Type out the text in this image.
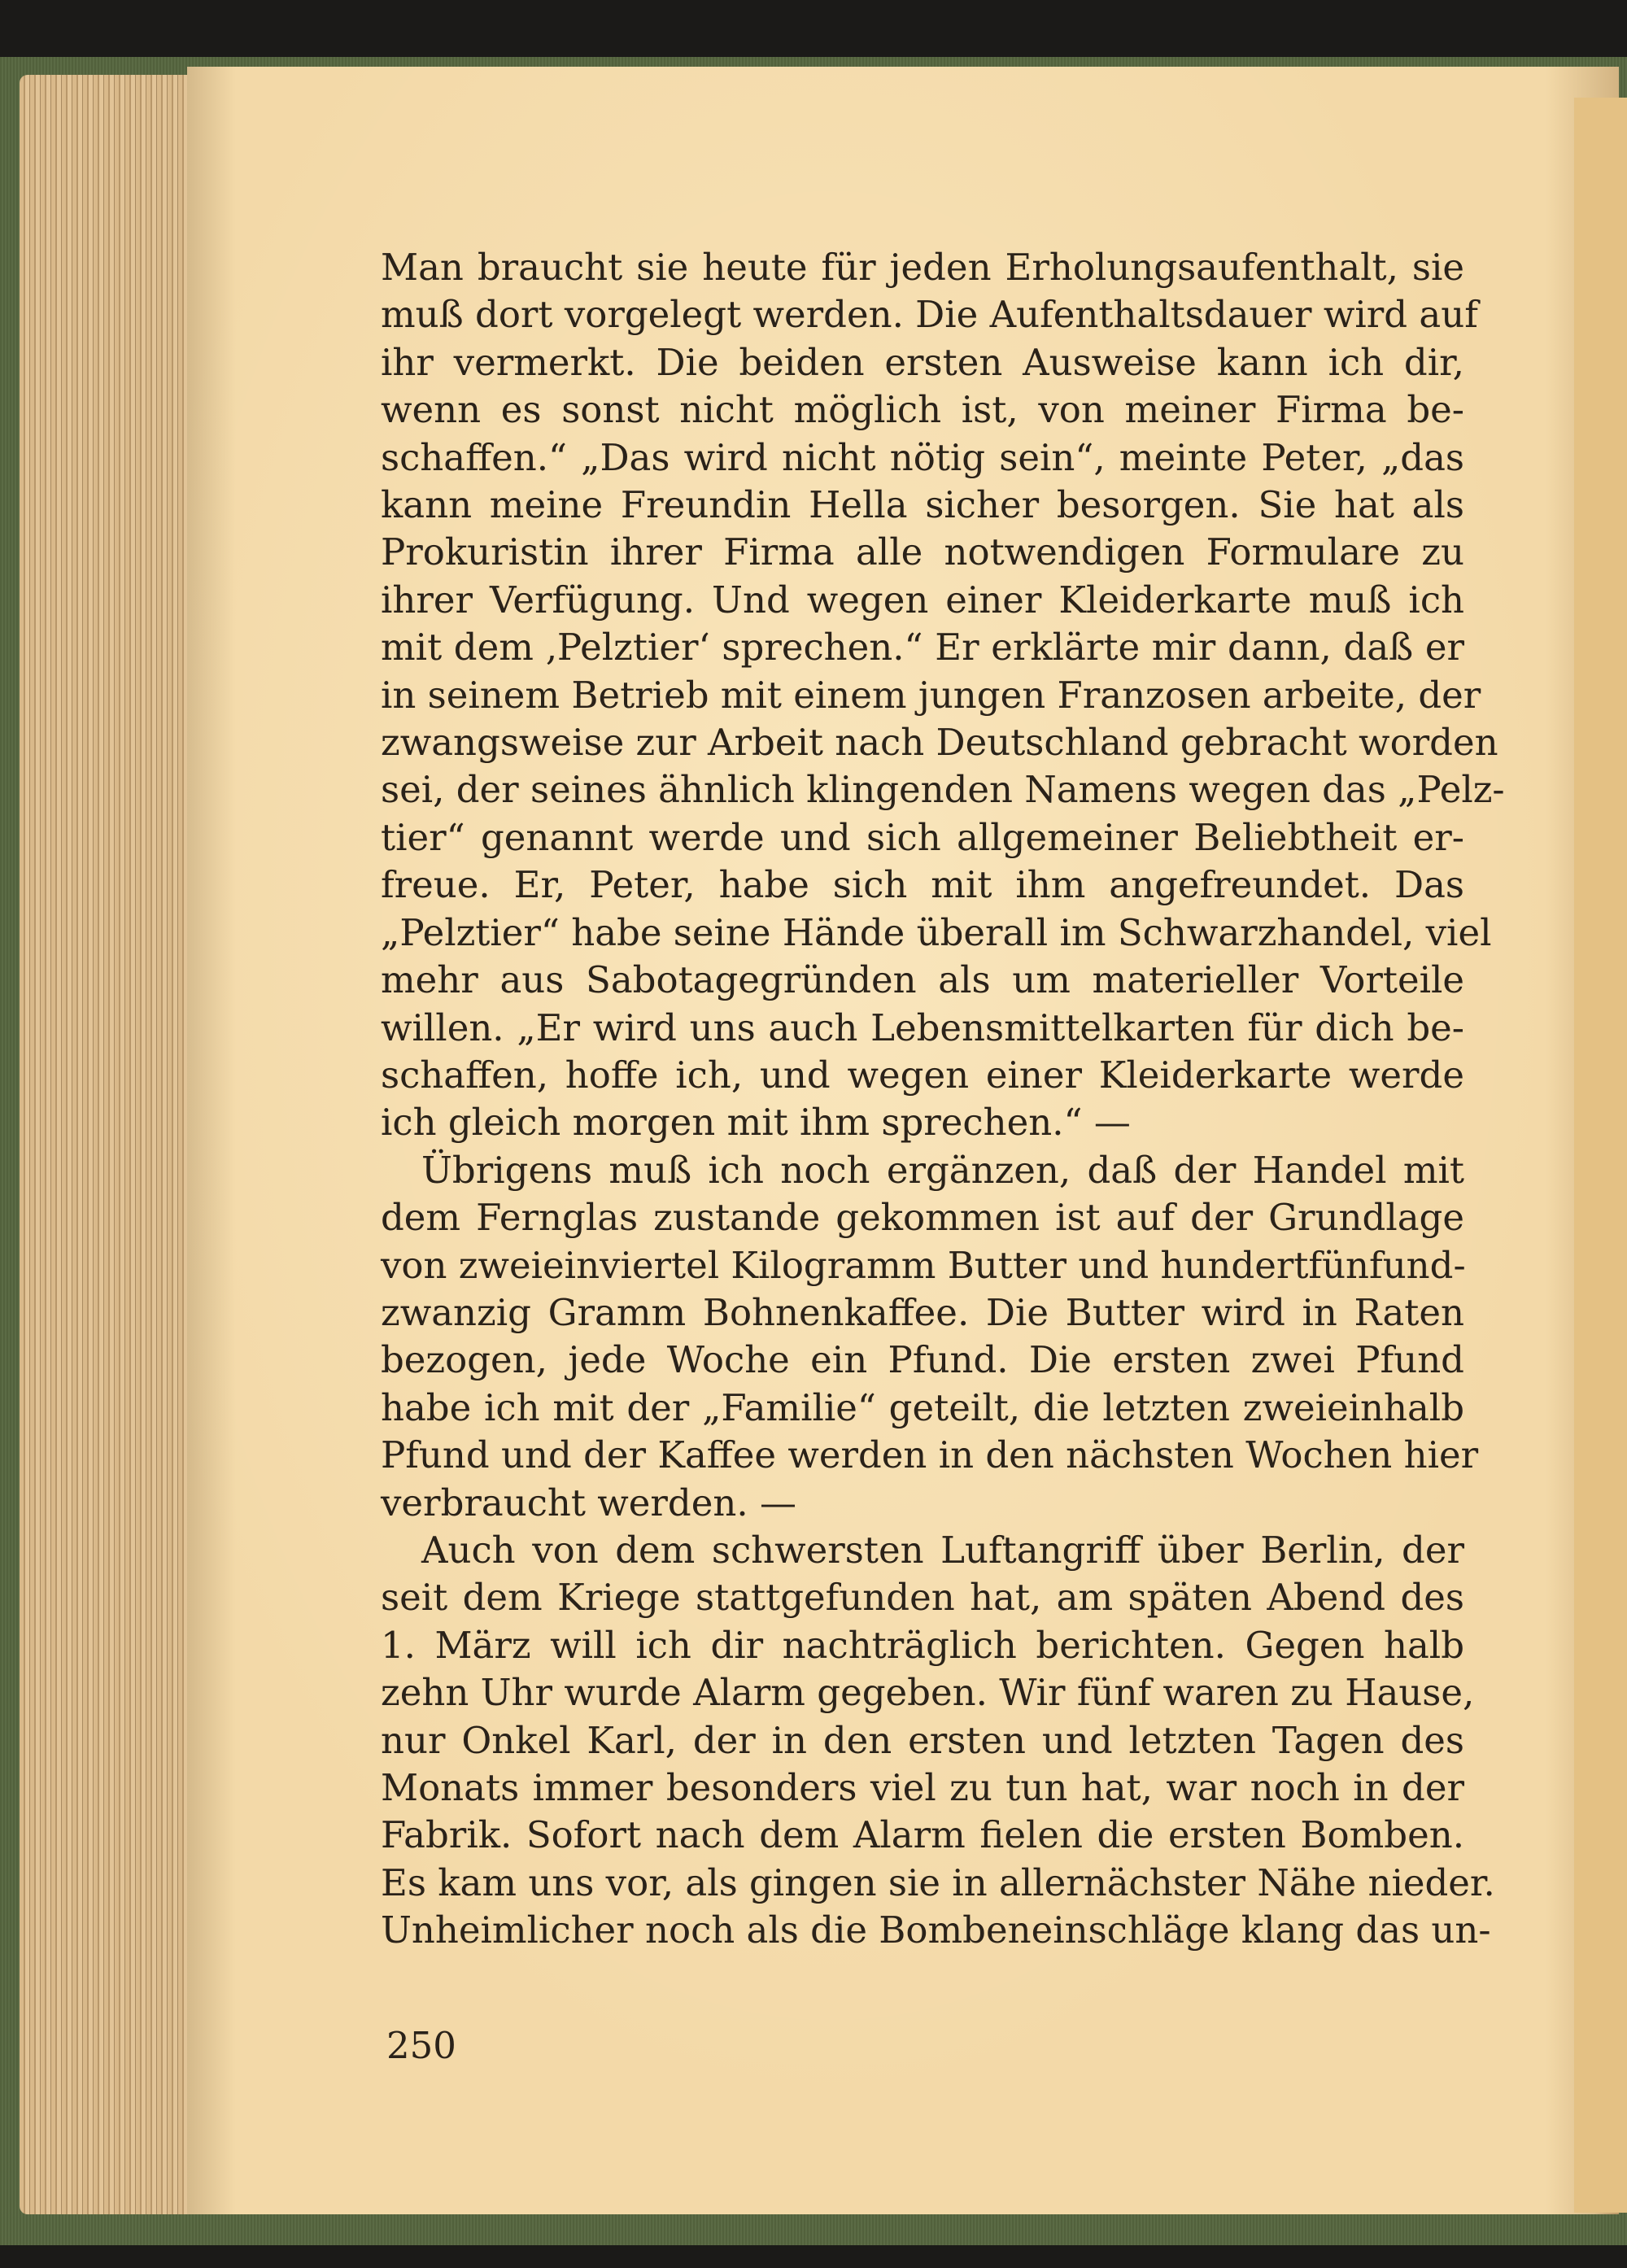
Man braucht sie heute für jeden Erholungsaufenthalt, sie
muß dort vorgelegt werden. Die Aufenthaltsdauer wird auf
ihr vermerkt. Die beiden ersten Ausweise kann ich dir,
wenn es sonst nicht möglich ist, von meiner Firma be-
schaffen.“ „Das wird nicht nötig sein“, meinte Peter, „das
kann meine Freundin Hella sicher besorgen. Sie hat als
Prokuristin ihrer Firma alle notwendigen Formulare zu
ihrer Verfügung. Und wegen einer Kleiderkarte muß ich
mit dem ‚Pelztier‘ sprechen.“ Er erklärte mir dann, daß er
in seinem Betrieb mit einem jungen Franzosen arbeite, der
zwangsweise zur Arbeit nach Deutschland gebracht worden
sei, der seines ähnlich klingenden Namens wegen das „Pelz-
tier“ genannt werde und sich allgemeiner Beliebtheit er-
freue. Er, Peter, habe sich mit ihm angefreundet. Das
„Pelztier“ habe seine Hände überall im Schwarzhandel, viel
mehr aus Sabotagegründen als um materieller Vorteile
willen. „Er wird uns auch Lebensmittelkarten für dich be-
schaffen, hoffe ich, und wegen einer Kleiderkarte werde
ich gleich morgen mit ihm sprechen.“ —
Übrigens muß ich noch ergänzen, daß der Handel mit
dem Fernglas zustande gekommen ist auf der Grundlage
von zweieinviertel Kilogramm Butter und hundertfünfund-
zwanzig Gramm Bohnenkaffee. Die Butter wird in Raten
bezogen, jede Woche ein Pfund. Die ersten zwei Pfund
habe ich mit der „Familie“ geteilt, die letzten zweieinhalb
Pfund und der Kaffee werden in den nächsten Wochen hier
verbraucht werden. —
Auch von dem schwersten Luftangriff über Berlin, der
seit dem Kriege stattgefunden hat, am späten Abend des
1. März will ich dir nachträglich berichten. Gegen halb
zehn Uhr wurde Alarm gegeben. Wir fünf waren zu Hause,
nur Onkel Karl, der in den ersten und letzten Tagen des
Monats immer besonders viel zu tun hat, war noch in der
Fabrik. Sofort nach dem Alarm fielen die ersten Bomben.
Es kam uns vor, als gingen sie in allernächster Nähe nieder.
Unheimlicher noch als die Bombeneinschläge klang das un-
250
